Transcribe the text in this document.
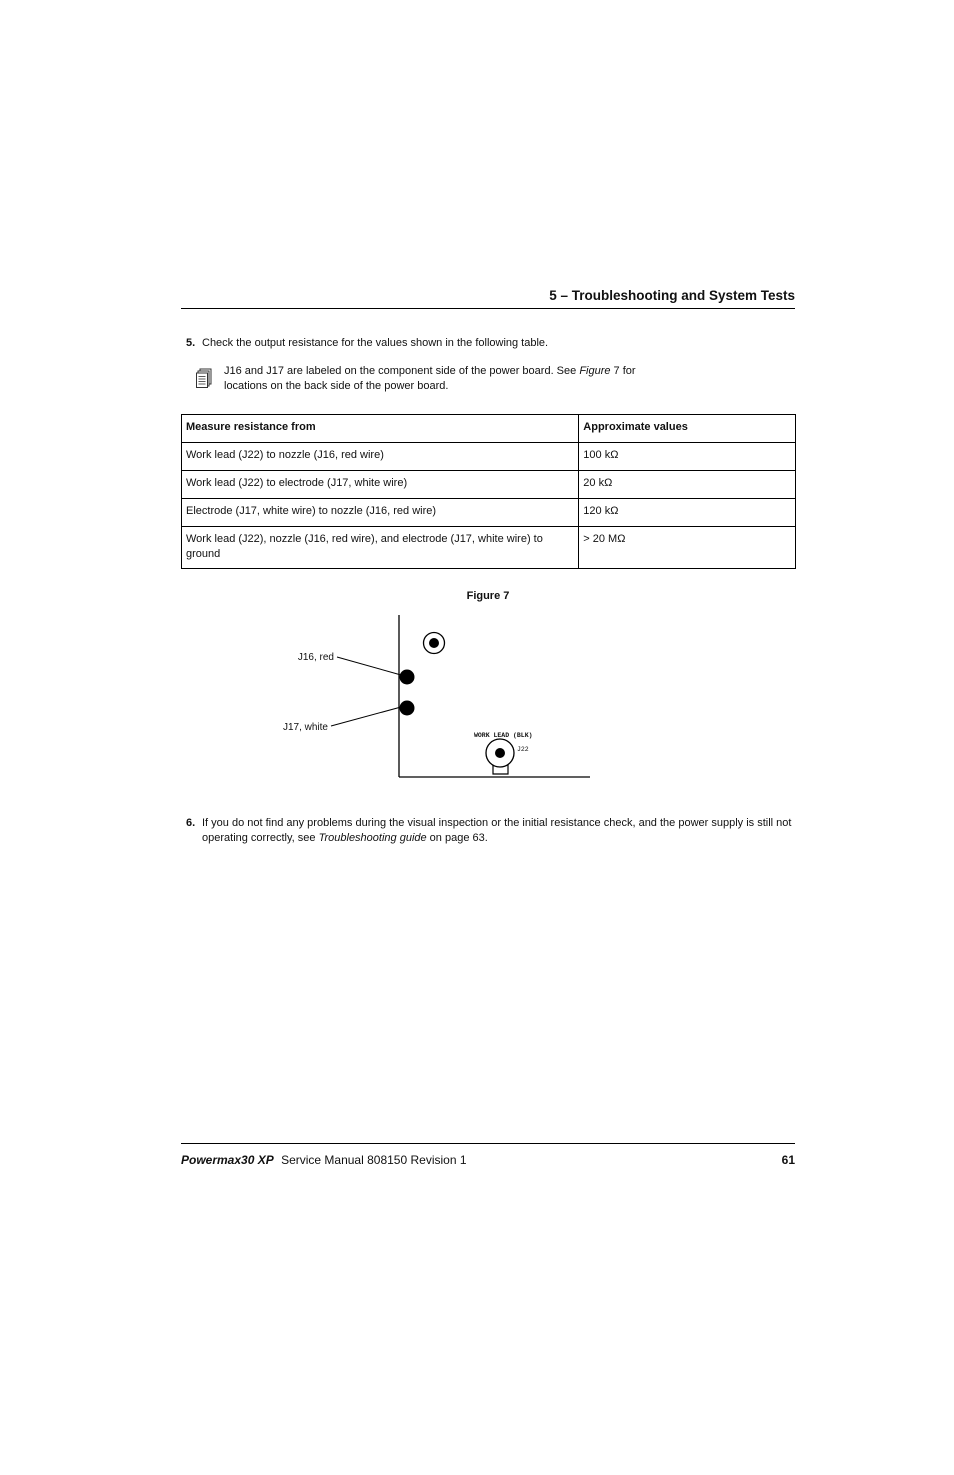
5 – Troubleshooting and System Tests
5. Check the output resistance for the values shown in the following table.
J16 and J17 are labeled on the component side of the power board. See Figure 7 for
locations on the back side of the power board.
Measure resistance from	Approximate values
Work lead (J22) to nozzle (J16, red wire)	100 kΩ
Work lead (J22) to electrode (J17, white wire)	20 kΩ
Electrode (J17, white wire) to nozzle (J16, red wire)	120 kΩ
Work lead (J22), nozzle (J16, red wire), and electrode (J17, white wire) to ground	> 20 MΩ
Figure 7
J16, red
J17, white
WORK LEAD (BLK)
J22
6. If you do not find any problems during the visual inspection or the initial resistance check, and the power supply is still not operating correctly, see Troubleshooting guide on page 63.
Powermax30 XP Service Manual 808150 Revision 1	61
